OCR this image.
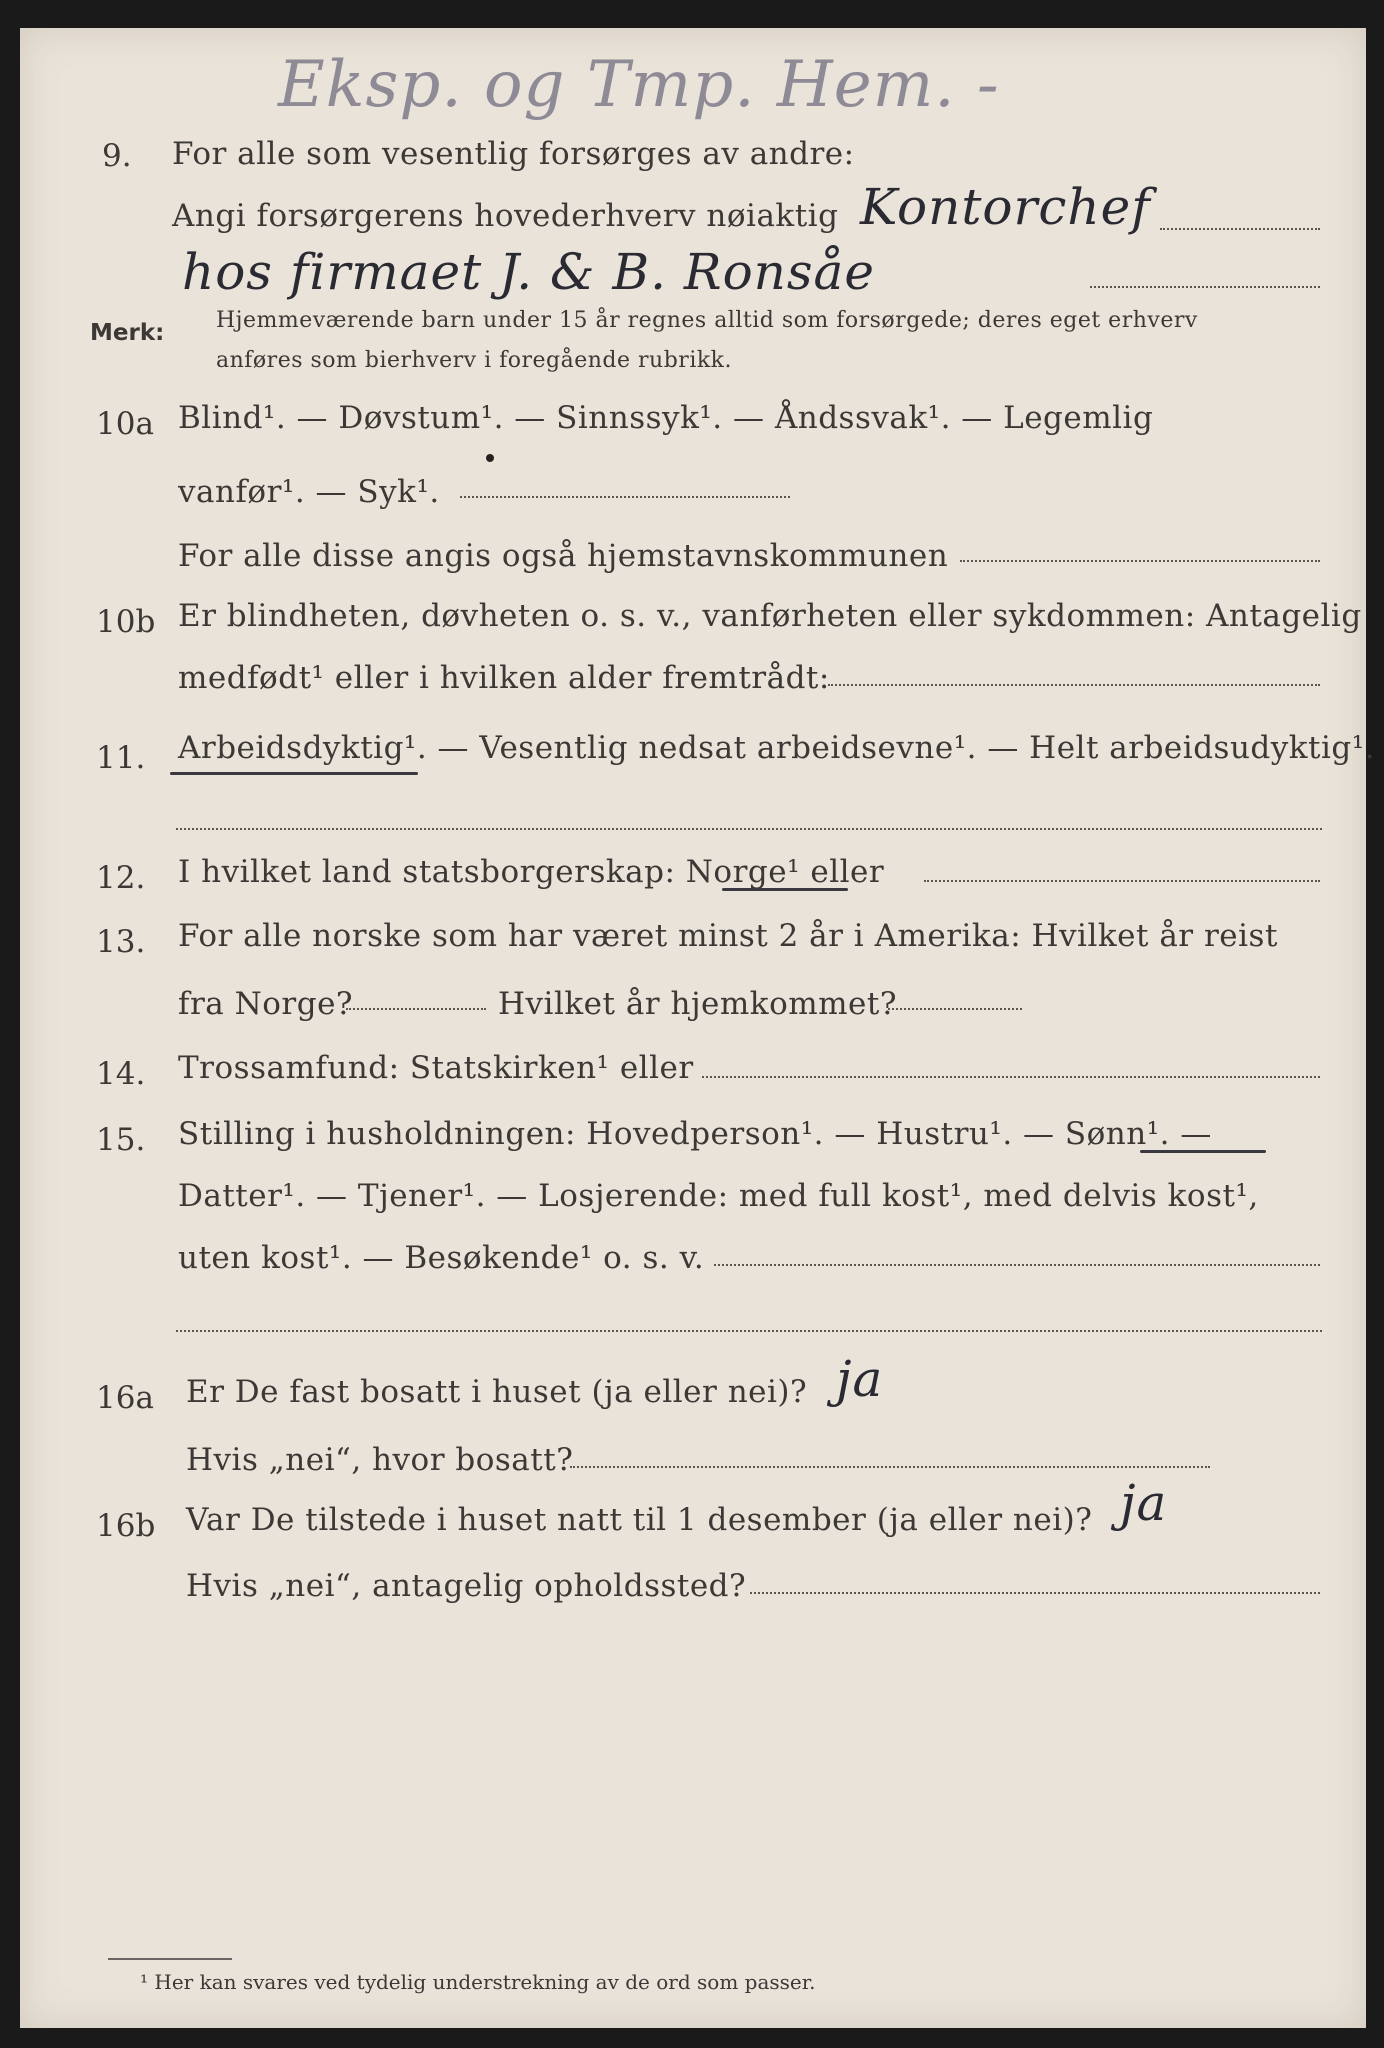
Eksp. og Tmp. Hem. -
9. For alle som vesentlig forsørges av andre:
Angi forsørgerens hovederhverv nøiaktig Kontorchef
hos firmaet J. & B. Ronsåe
Merk: Hjemmeværende barn under 15 år regnes alltid som forsørgede; deres eget erhverv
anføres som bierhverv i foregående rubrikk.
10a Blind¹. — Døvstum¹. — Sinnssyk¹. — Åndssvak¹. — Legemlig
vanfør¹. — Syk¹.
For alle disse angis også hjemstavnskommunen
10b Er blindheten, døvheten o. s. v., vanførheten eller sykdommen: Antagelig
medfødt¹ eller i hvilken alder fremtrådt:
11. Arbeidsdyktig¹. — Vesentlig nedsat arbeidsevne¹. — Helt arbeidsudyktig¹.
12. I hvilket land statsborgerskap: Norge¹ eller
13. For alle norske som har været minst 2 år i Amerika: Hvilket år reist
fra Norge?	Hvilket år hjemkommet?
14. Trossamfund: Statskirken¹ eller
15. Stilling i husholdningen: Hovedperson¹. — Hustru¹. — Sønn¹. —
Datter¹. — Tjener¹. — Losjerende: med full kost¹, med delvis kost¹,
uten kost¹. — Besøkende¹ o. s. v.
16a Er De fast bosatt i huset (ja eller nei)? ja
Hvis „nei“, hvor bosatt?
16b Var De tilstede i huset natt til 1 desember (ja eller nei)? ja
Hvis „nei“, antagelig opholdssted?
¹ Her kan svares ved tydelig understrekning av de ord som passer.
